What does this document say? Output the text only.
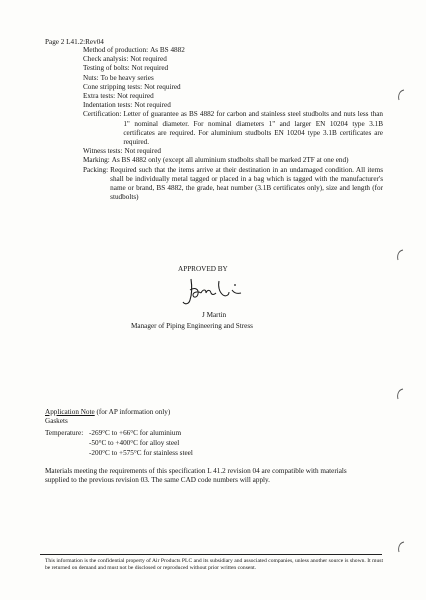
Page 2 L41.2:Rev04
Method of production: As BS 4882
Check analysis: Not required
Testing of bolts: Not required
Nuts: To be heavy series
Cone stripping tests: Not required
Extra tests: Not required
Indentation tests: Not required
Certification: Letter of guarantee as BS 4882 for carbon and stainless steel studbolts and nuts less than 1" nominal diameter. For nominal diameters 1" and larger EN 10204 type 3.1B certificates are required. For aluminium studbolts EN 10204 type 3.1B certificates are required.
Witness tests: Not required
Marking: As BS 4882 only (except all aluminium studbolts shall be marked 2TF at one end)
Packing: Required such that the items arrive at their destination in an undamaged condition. All items shall be individually metal tagged or placed in a bag which is tagged with the manufacturer's name or brand, BS 4882, the grade, heat number (3.1B certificates only), size and length (for studbolts)
APPROVED BY
J Martin
Manager of Piping Engineering and Stress
Application Note (for AP information only)
Gaskets
Temperature: -269°C to +66°C for aluminium
-50°C to +400°C for alloy steel
-200°C to +575°C for stainless steel
Materials meeting the requirements of this specification L 41.2 revision 04 are compatible with materials supplied to the previous revision 03. The same CAD code numbers will apply.
This information is the confidential property of Air Products PLC and its subsidiary and associated companies, unless another source is shown. It must be returned on demand and must not be disclosed or reproduced without prior written consent.
